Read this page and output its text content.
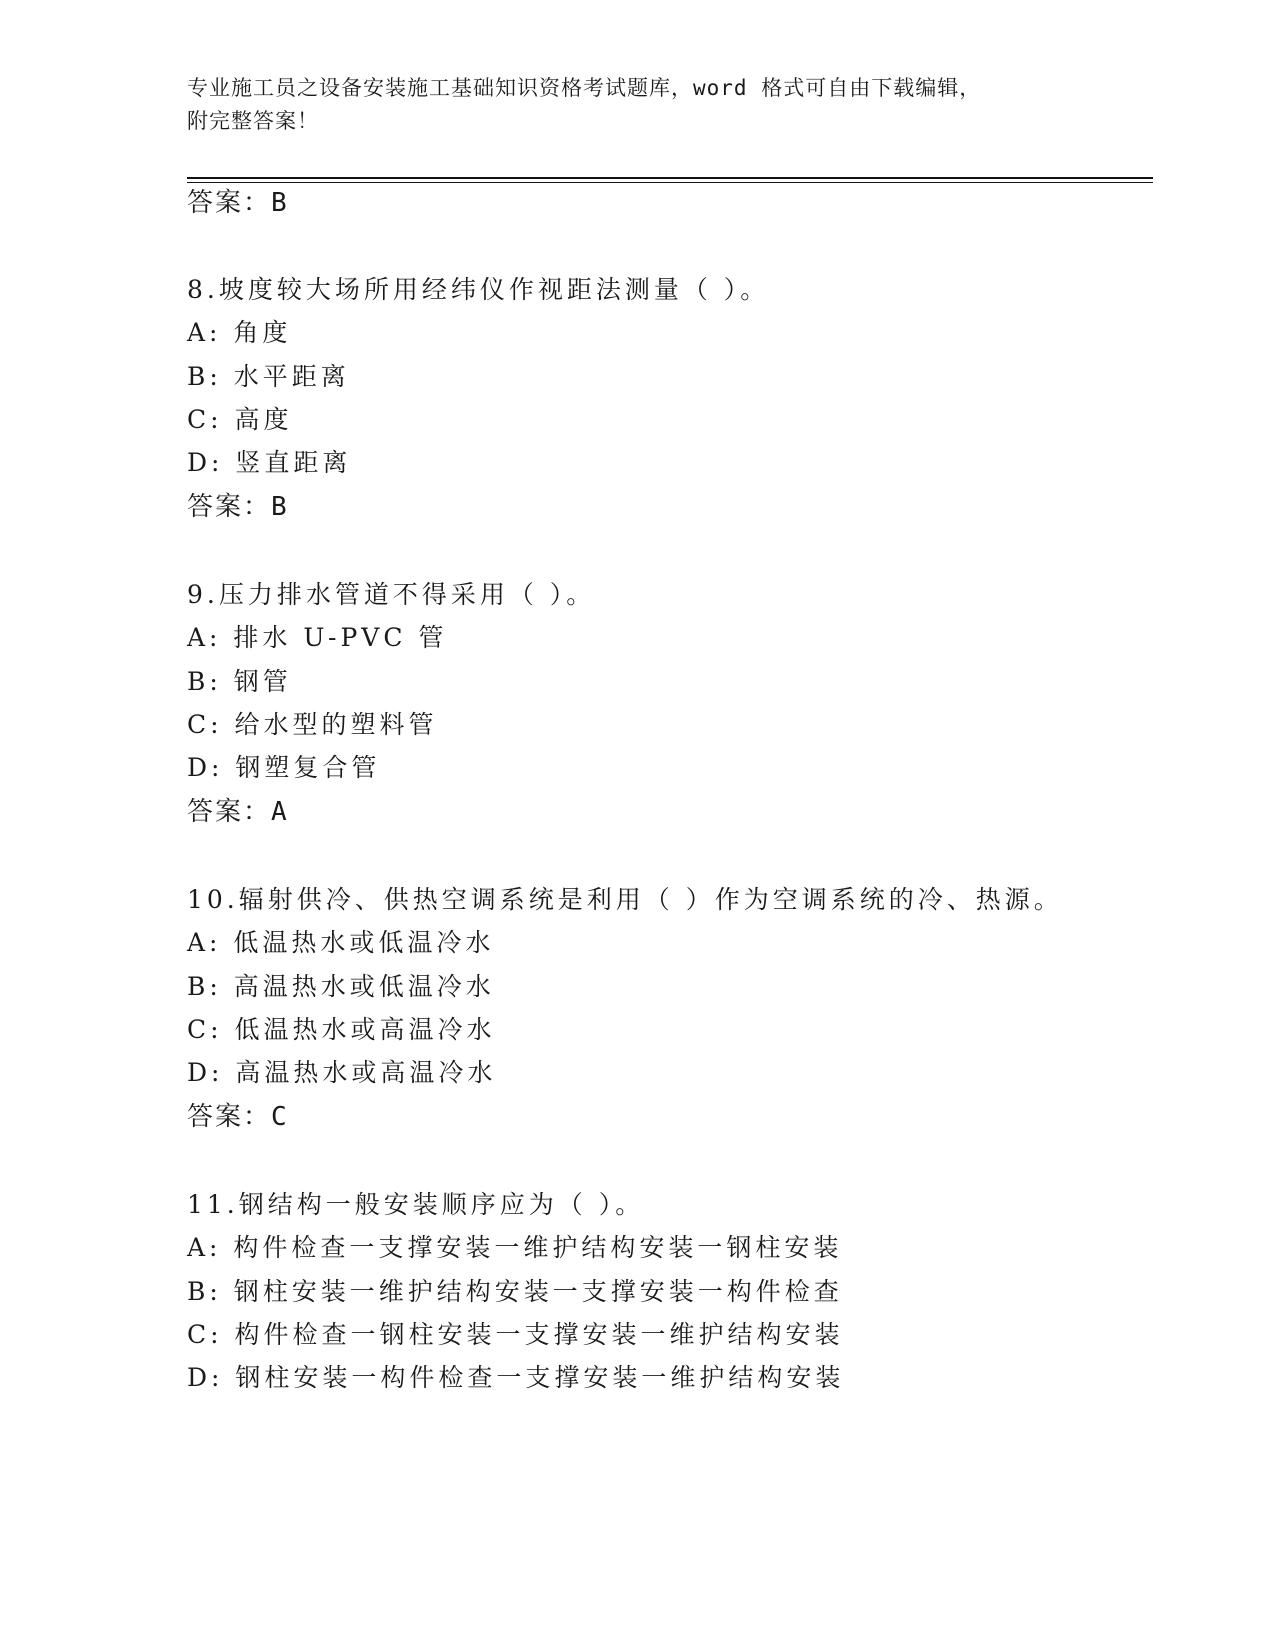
专业施工员之设备安装施工基础知识资格考试题库，word 格式可自由下载编辑，
附完整答案！
答案：B
8.坡度较大场所用经纬仪作视距法测量（ ）。
A: 角度
B: 水平距离
C: 高度
D: 竖直距离
答案：B
9.压力排水管道不得采用（ ）。
A: 排水 U-PVC 管
B: 钢管
C: 给水型的塑料管
D: 钢塑复合管
答案：A
10.辐射供冷、供热空调系统是利用（ ）作为空调系统的冷、热源。
A: 低温热水或低温冷水
B: 高温热水或低温冷水
C: 低温热水或高温冷水
D: 高温热水或高温冷水
答案：C
11.钢结构一般安装顺序应为（ ）。
A: 构件检查一支撑安装一维护结构安装一钢柱安装
B: 钢柱安装一维护结构安装一支撑安装一构件检查
C: 构件检查一钢柱安装一支撑安装一维护结构安装
D: 钢柱安装一构件检查一支撑安装一维护结构安装
